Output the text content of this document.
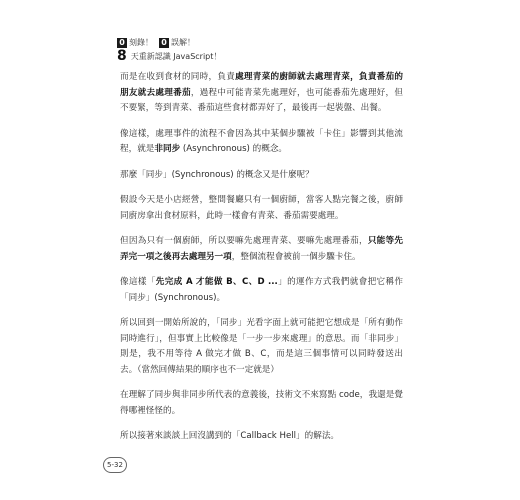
0 刻錄！ 0 誤解！
8 天重新認識 JavaScript！

而是在收到食材的同時，負責處理青菜的廚師就去處理青菜，負責番茄的朋友就去處理番茄，過程中可能青菜先處理好，也可能番茄先處理好，但不要緊，等到青菜、番茄這些食材都弄好了，最後再一起裝盤、出餐。

像這樣，處理事件的流程不會因為其中某個步驟被「卡住」影響到其他流程，就是非同步 (Asynchronous) 的概念。

那麼「同步」(Synchronous) 的概念又是什麼呢？

假設今天是小店經營，整間餐廳只有一個廚師，當客人點完餐之後，廚師同廚房拿出食材原料，此時一樣會有青菜、番茄需要處理。

但因為只有一個廚師，所以要嘛先處理青菜、要嘛先處理番茄，只能等先弄完一項之後再去處理另一項，整個流程會被前一個步驟卡住。

像這樣「先完成 A 才能做 B、C、D ...」的運作方式我們就會把它稱作「同步」(Synchronous)。

所以回到一開始所說的，「同步」光看字面上就可能把它想成是「所有動作同時進行」，但事實上比較像是「一步一步來處理」的意思。而「非同步」則是，我不用等待 A 做完才做 B、C，而是這三個事情可以同時發送出去。（當然回傳結果的順序也不一定就是）

在理解了同步與非同步所代表的意義後，技術文不來寫點 code，我還是覺得哪裡怪怪的。

所以接著來談談上回沒講到的「Callback Hell」的解法。

5-32
